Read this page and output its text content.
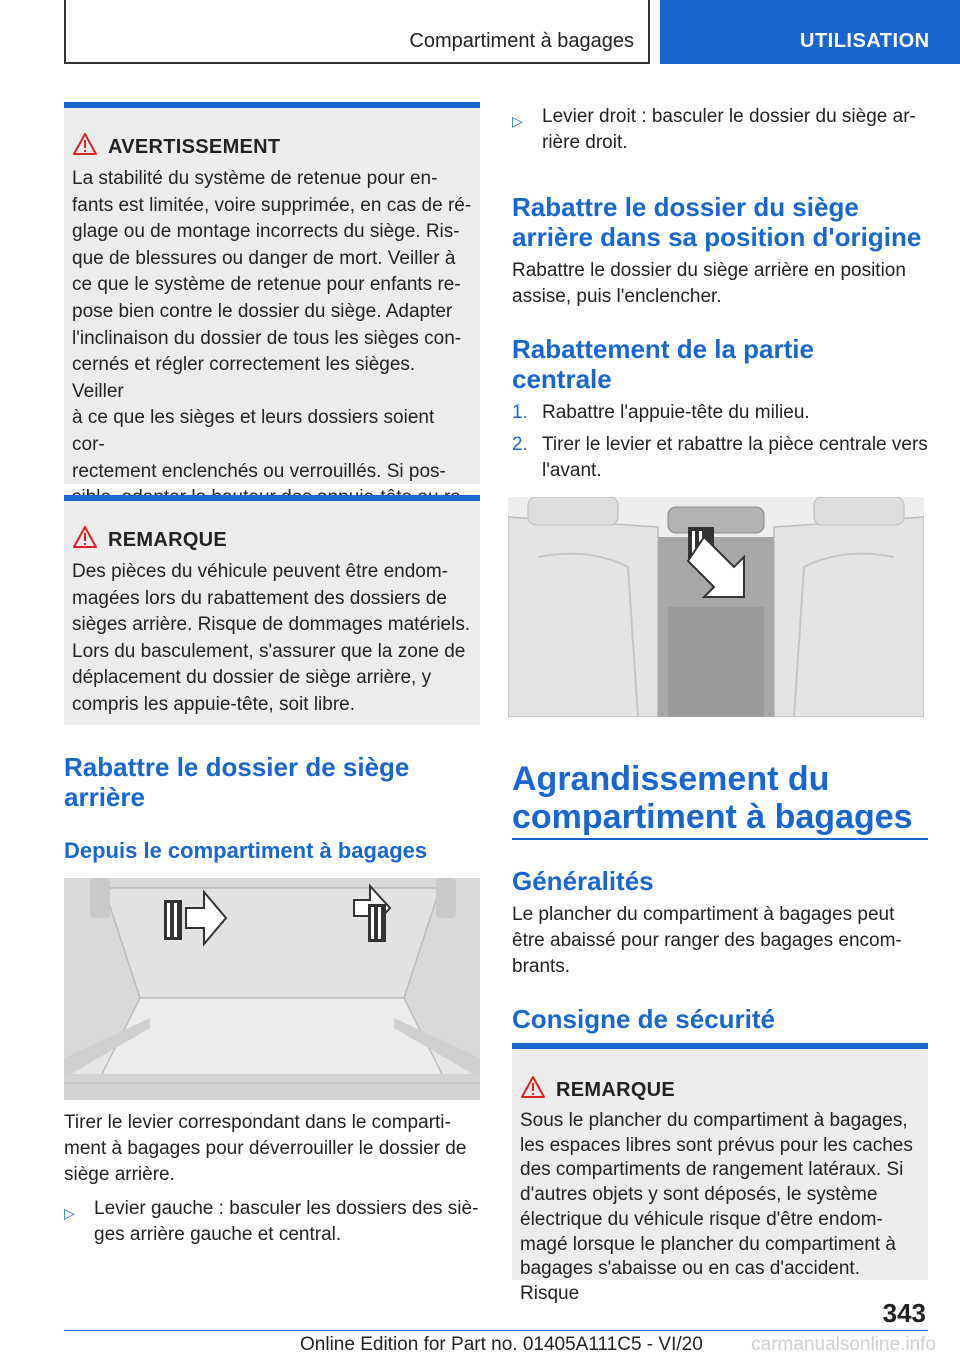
Compartiment à bagages	UTILISATION
AVERTISSEMENT
La stabilité du système de retenue pour en-
fants est limitée, voire supprimée, en cas de ré-
glage ou de montage incorrects du siège. Ris-
que de blessures ou danger de mort. Veiller à
ce que le système de retenue pour enfants re-
pose bien contre le dossier du siège. Adapter
l'inclinaison du dossier de tous les sièges con-
cernés et régler correctement les sièges. Veiller
à ce que les sièges et leurs dossiers soient cor-
rectement enclenchés ou verrouillés. Si pos-
REMARQUE
Des pièces du véhicule peuvent être endom-
magées lors du rabattement des dossiers de
sièges arrière. Risque de dommages matériels.
Lors du basculement, s'assurer que la zone de
déplacement du dossier de siège arrière, y
compris les appuie-tête, soit libre.
Rabattre le dossier de siège
arrière
Depuis le compartiment à bagages
Tirer le levier correspondant dans le comparti-
ment à bagages pour déverrouiller le dossier de
siège arrière.
▷ Levier gauche : basculer les dossiers des siè-
ges arrière gauche et central.
▷ Levier droit : basculer le dossier du siège ar-
rière droit.
Rabattre le dossier du siège
arrière dans sa position d'origine
Rabattre le dossier du siège arrière en position
assise, puis l'enclencher.
Rabattement de la partie
centrale
1. Rabattre l'appuie-tête du milieu.
2. Tirer le levier et rabattre la pièce centrale vers
l'avant.
Agrandissement du
compartiment à bagages
Généralités
Le plancher du compartiment à bagages peut
être abaissé pour ranger des bagages encom-
brants.
Consigne de sécurité
REMARQUE
Sous le plancher du compartiment à bagages,
les espaces libres sont prévus pour les caches
des compartiments de rangement latéraux. Si
d'autres objets y sont déposés, le système
électrique du véhicule risque d'être endom-
magé lorsque le plancher du compartiment à
bagages s'abaisse ou en cas d'accident. Risque
343
Online Edition for Part no. 01405A111C5 - VI/20	carmanualsonline.info
